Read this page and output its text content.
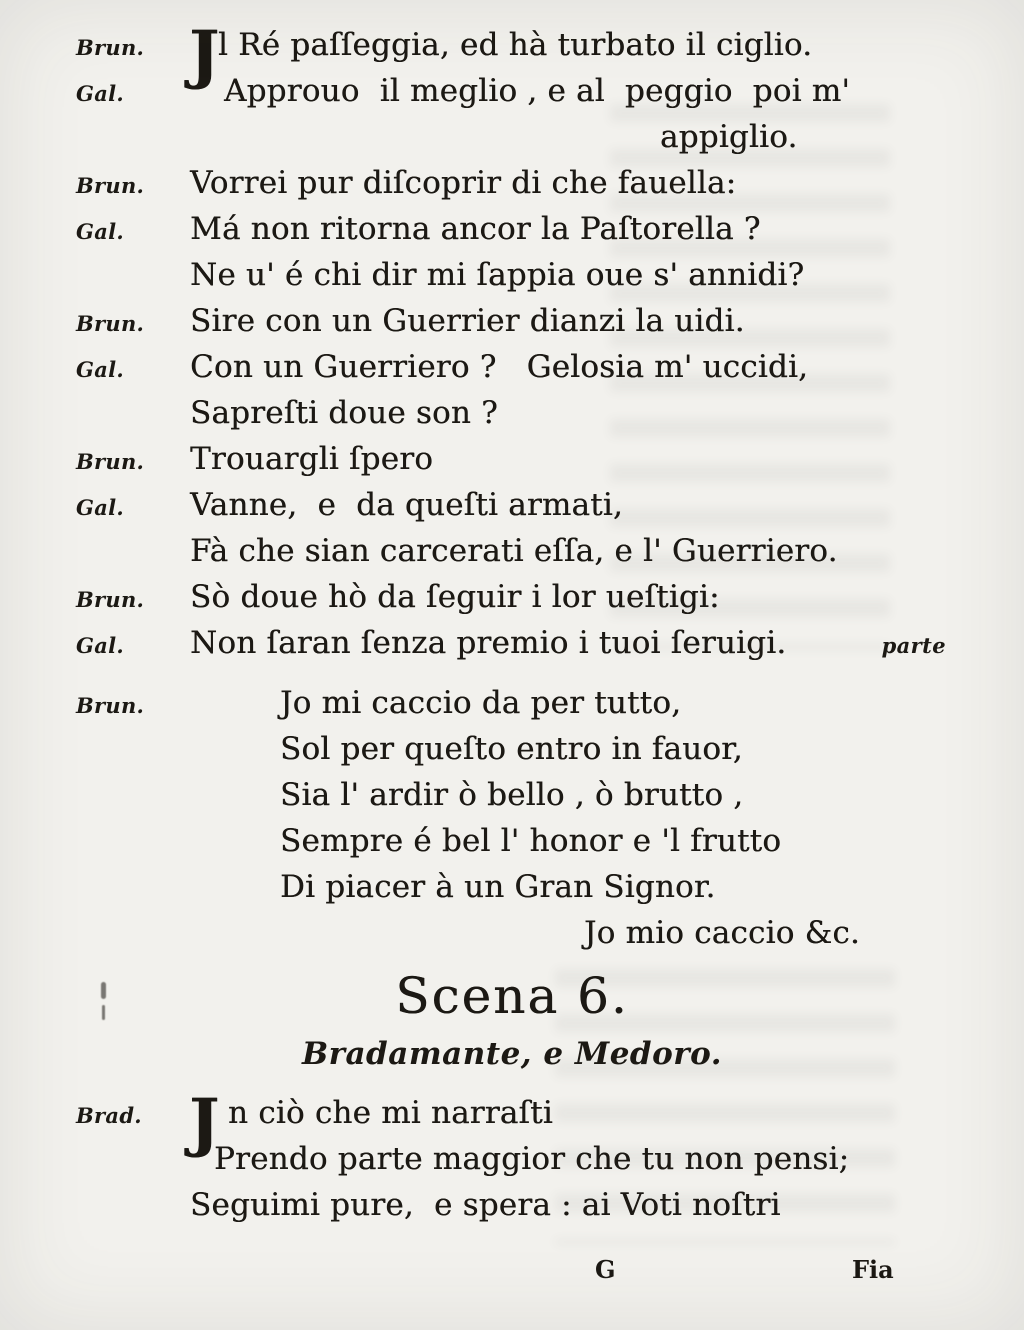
J
J
Brun.	l Ré paſſeggia, ed hà turbato il ciglio.
Gal.	Approuo  il meglio , e al  peggio  poi m'
appiglio.
Brun.	Vorrei pur diſcoprir di che fauella:
Gal.	Má non ritorna ancor la Paſtorella ?
Ne u' é chi dir mi ſappia oue s' annidi?
Brun.	Sire con un Guerrier dianzi la uidi.
Gal.	Con un Guerriero ?   Gelosia m' uccidi,
Sapreſti doue son ?
Brun.	Trouargli ſpero
Gal.	Vanne,  e  da queſti armati,
Fà che sian carcerati eſſa, e l' Guerriero.
Brun.	Sò doue hò da ſeguir i lor ueſtigi:
Gal.	Non ſaran ſenza premio i tuoi ſeruigi.	parte
Brun.	Jo mi caccio da per tutto,
Sol per queſto entro in fauor,
Sia l' ardir ò bello , ò brutto ,
Sempre é bel l' honor e 'l frutto
Di piacer à un Gran Signor.
Jo mio caccio &c.
Scena 6.
Bradamante, e Medoro.
Brad.	n ciò che mi narraſti
Prendo parte maggior che tu non pensi;
Seguimi pure,  e spera : ai Voti noſtri
G	Fia
